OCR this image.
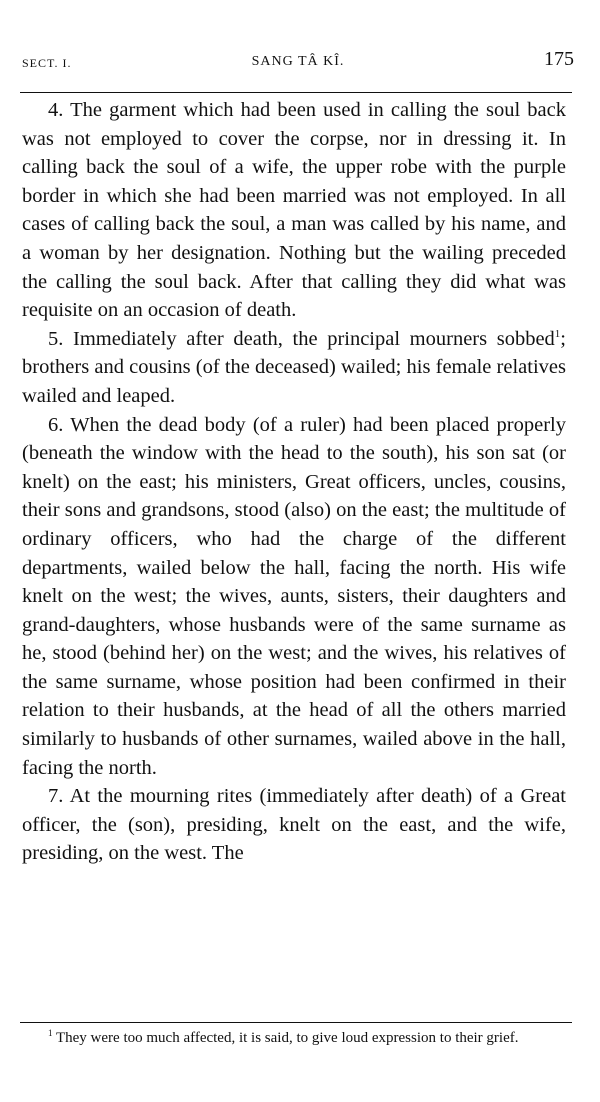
SECT. I.	SANG TÂ KÎ.	175

4. The garment which had been used in calling the soul back was not employed to cover the corpse, nor in dressing it. In calling back the soul of a wife, the upper robe with the purple border in which she had been married was not employed. In all cases of calling back the soul, a man was called by his name, and a woman by her designation. Nothing but the wailing preceded the calling the soul back. After that calling they did what was requisite on an occasion of death.

5. Immediately after death, the principal mourners sobbed$^1$; brothers and cousins (of the deceased) wailed; his female relatives wailed and leaped.

6. When the dead body (of a ruler) had been placed properly (beneath the window with the head to the south), his son sat (or knelt) on the east; his ministers, Great officers, uncles, cousins, their sons and grandsons, stood (also) on the east; the multitude of ordinary officers, who had the charge of the different departments, wailed below the hall, facing the north. His wife knelt on the west; the wives, aunts, sisters, their daughters and grand-daughters, whose husbands were of the same surname as he, stood (behind her) on the west; and the wives, his relatives of the same surname, whose position had been confirmed in their relation to their husbands, at the head of all the others married similarly to husbands of other surnames, wailed above in the hall, facing the north.

7. At the mourning rites (immediately after death) of a Great officer, the (son), presiding, knelt on the east, and the wife, presiding, on the west. The

$^1$ They were too much affected, it is said, to give loud expression to their grief.
